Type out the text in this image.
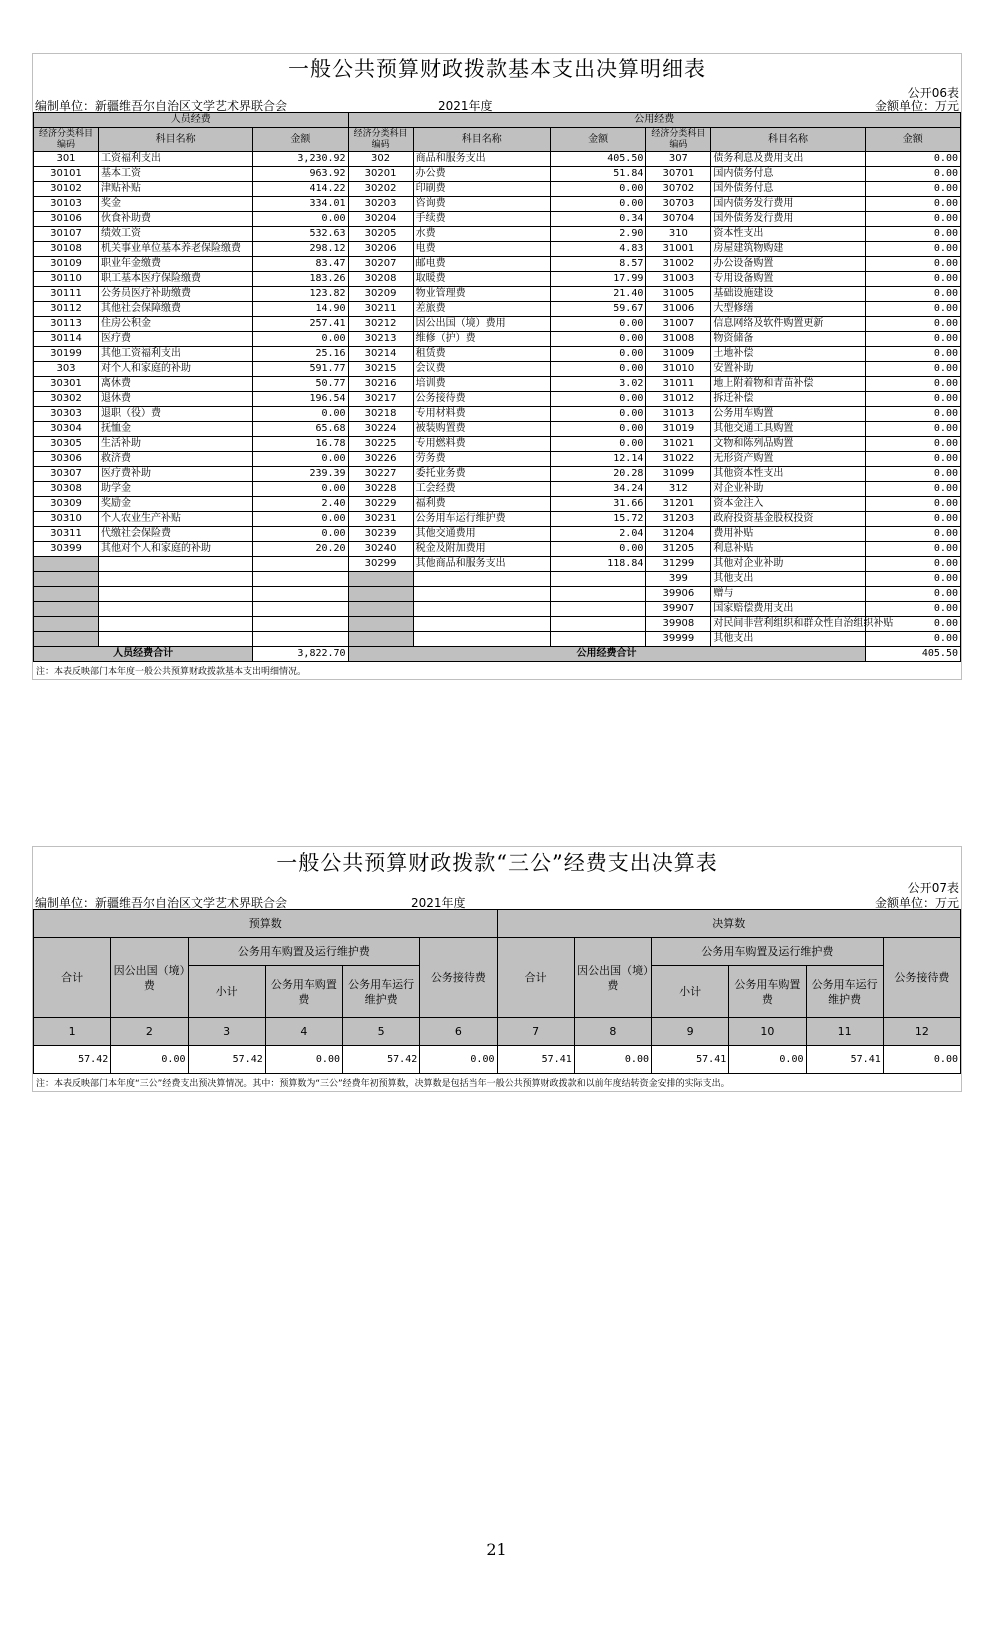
一般公共预算财政拨款基本支出决算明细表
公开06表
编制单位：新疆维吾尔自治区文学艺术界联合会	2021年度	金额单位：万元
人员经费			公用经费					
经济分类科目编码	科目名称	金额	经济分类科目编码	科目名称	金额	经济分类科目编码	科目名称	金额
301	工资福利支出	3,230.92	302	商品和服务支出	405.50	307	债务利息及费用支出	0.00
30101	基本工资	963.92	30201	办公费	51.84	30701	国内债务付息	0.00
30102	津贴补贴	414.22	30202	印刷费	0.00	30702	国外债务付息	0.00
30103	奖金	334.01	30203	咨询费	0.00	30703	国内债务发行费用	0.00
30106	伙食补助费	0.00	30204	手续费	0.34	30704	国外债务发行费用	0.00
30107	绩效工资	532.63	30205	水费	2.90	310	资本性支出	0.00
30108	机关事业单位基本养老保险缴费	298.12	30206	电费	4.83	31001	房屋建筑物购建	0.00
30109	职业年金缴费	83.47	30207	邮电费	8.57	31002	办公设备购置	0.00
30110	职工基本医疗保险缴费	183.26	30208	取暖费	17.99	31003	专用设备购置	0.00
30111	公务员医疗补助缴费	123.82	30209	物业管理费	21.40	31005	基础设施建设	0.00
30112	其他社会保障缴费	14.90	30211	差旅费	59.67	31006	大型修缮	0.00
30113	住房公积金	257.41	30212	因公出国（境）费用	0.00	31007	信息网络及软件购置更新	0.00
30114	医疗费	0.00	30213	维修（护）费	0.00	31008	物资储备	0.00
30199	其他工资福利支出	25.16	30214	租赁费	0.00	31009	土地补偿	0.00
303	对个人和家庭的补助	591.77	30215	会议费	0.00	31010	安置补助	0.00
30301	离休费	50.77	30216	培训费	3.02	31011	地上附着物和青苗补偿	0.00
30302	退休费	196.54	30217	公务接待费	0.00	31012	拆迁补偿	0.00
30303	退职（役）费	0.00	30218	专用材料费	0.00	31013	公务用车购置	0.00
30304	抚恤金	65.68	30224	被装购置费	0.00	31019	其他交通工具购置	0.00
30305	生活补助	16.78	30225	专用燃料费	0.00	31021	文物和陈列品购置	0.00
30306	救济费	0.00	30226	劳务费	12.14	31022	无形资产购置	0.00
30307	医疗费补助	239.39	30227	委托业务费	20.28	31099	其他资本性支出	0.00
30308	助学金	0.00	30228	工会经费	34.24	312	对企业补助	0.00
30309	奖励金	2.40	30229	福利费	31.66	31201	资本金注入	0.00
30310	个人农业生产补贴	0.00	30231	公务用车运行维护费	15.72	31203	政府投资基金股权投资	0.00
30311	代缴社会保险费	0.00	30239	其他交通费用	2.04	31204	费用补贴	0.00
30399	其他对个人和家庭的补助	20.20	30240	税金及附加费用	0.00	31205	利息补贴	0.00
			30299	其他商品和服务支出	118.84	31299	其他对企业补助	0.00
						399	其他支出	0.00
						39906	赠与	0.00
						39907	国家赔偿费用支出	0.00
						39908	对民间非营利组织和群众性自治组织补贴	0.00
						39999	其他支出	0.00
人员经费合计		3,822.70	公用经费合计					405.50
注：本表反映部门本年度一般公共预算财政拨款基本支出明细情况。
一般公共预算财政拨款“三公”经费支出决算表
公开07表
编制单位：新疆维吾尔自治区文学艺术界联合会	2021年度	金额单位：万元
预算数						决算数					
合计	因公出国（境）费	公务用车购置及运行维护费			公务接待费	合计	因公出国（境）费	公务用车购置及运行维护费			公务接待费
		小计	公务用车购置费	公务用车运行维护费				小计	公务用车购置费	公务用车运行维护费	
1	2	3	4	5	6	7	8	9	10	11	12
57.42	0.00	57.42	0.00	57.42	0.00	57.41	0.00	57.41	0.00	57.41	0.00
注：本表反映部门本年度“三公”经费支出预决算情况。其中：预算数为“三公”经费年初预算数，决算数是包括当年一般公共预算财政拨款和以前年度结转资金安排的实际支出。
21
